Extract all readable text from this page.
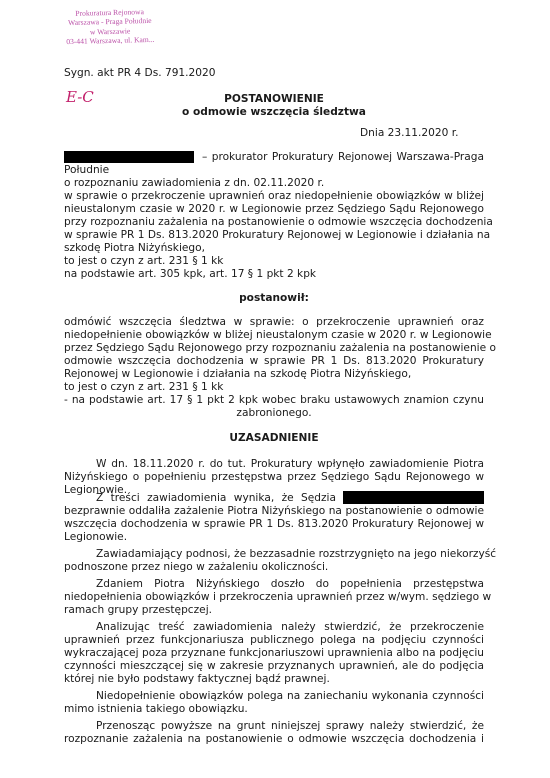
Prokuratura Rejonowa
Warszawa - Praga Południe
w Warszawie
03-441 Warszawa, ul. Kam...
Sygn. akt PR 4 Ds. 791.2020
E-C	POSTANOWIENIE
o odmowie wszczęcia śledztwa
Dnia 23.11.2020 r.
– prokurator Prokuratury Rejonowej Warszawa-Praga
Południe
o rozpoznaniu zawiadomienia z dn. 02.11.2020 r.
w sprawie o przekroczenie uprawnień oraz niedopełnienie obowiązków w bliżej
nieustalonym czasie w 2020 r. w Legionowie przez Sędziego Sądu Rejonowego
przy rozpoznaniu zażalenia na postanowienie o odmowie wszczęcia dochodzenia
w sprawie PR 1 Ds. 813.2020 Prokuratury Rejonowej w Legionowie i działania na
szkodę Piotra Niżyńskiego,
to jest o czyn z art. 231 § 1 kk
na podstawie art. 305 kpk, art. 17 § 1 pkt 2 kpk
postanowił:
odmówić wszczęcia śledztwa w sprawie: o przekroczenie uprawnień oraz
niedopełnienie obowiązków w bliżej nieustalonym czasie w 2020 r. w Legionowie
przez Sędziego Sądu Rejonowego przy rozpoznaniu zażalenia na postanowienie o
odmowie wszczęcia dochodzenia w sprawie PR 1 Ds. 813.2020 Prokuratury
Rejonowej w Legionowie i działania na szkodę Piotra Niżyńskiego,
to jest o czyn z art. 231 § 1 kk
- na podstawie art. 17 § 1 pkt 2 kpk wobec braku ustawowych znamion czynu
zabronionego.
UZASADNIENIE
W dn. 18.11.2020 r. do tut. Prokuratury wpłynęło zawiadomienie Piotra
Niżyńskiego o popełnieniu przestępstwa przez Sędziego Sądu Rejonowego w
Legionowie.
Z treści zawiadomienia wynika, że Sędzia
bezprawnie oddaliła zażalenie Piotra Niżyńskiego na postanowienie o odmowie
wszczęcia dochodzenia w sprawie PR 1 Ds. 813.2020 Prokuratury Rejonowej w
Legionowie.
Zawiadamiający podnosi, że bezzasadnie rozstrzygnięto na jego niekorzyść
podnoszone przez niego w zażaleniu okoliczności.
Zdaniem Piotra Niżyńskiego doszło do popełnienia przestępstwa
niedopełnienia obowiązków i przekroczenia uprawnień przez w/wym. sędziego w
ramach grupy przestępczej.
Analizując treść zawiadomienia należy stwierdzić, że przekroczenie
uprawnień przez funkcjonariusza publicznego polega na podjęciu czynności
wykraczającej poza przyznane funkcjonariuszowi uprawnienia albo na podjęciu
czynności mieszczącej się w zakresie przyznanych uprawnień, ale do podjęcia
której nie było podstawy faktycznej bądź prawnej.
Niedopełnienie obowiązków polega na zaniechaniu wykonania czynności
mimo istnienia takiego obowiązku.
Przenosząc powyższe na grunt niniejszej sprawy należy stwierdzić, że
rozpoznanie zażalenia na postanowienie o odmowie wszczęcia dochodzenia i
